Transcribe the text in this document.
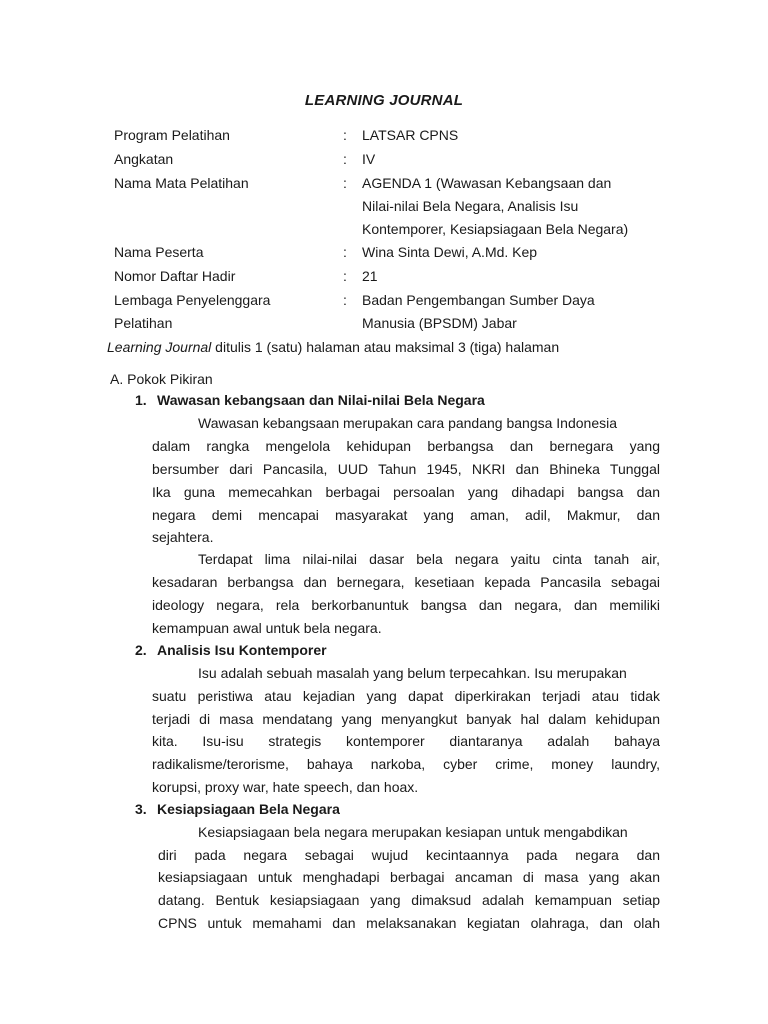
LEARNING JOURNAL
Program Pelatihan	: LATSAR CPNS
Angkatan	: IV
Nama Mata Pelatihan	: AGENDA 1 (Wawasan Kebangsaan dan
Nilai-nilai Bela Negara, Analisis Isu
Kontemporer, Kesiapsiagaan Bela Negara)
Nama Peserta	: Wina Sinta Dewi, A.Md. Kep
Nomor Daftar Hadir	: 21
Lembaga Penyelenggara	: Badan Pengembangan Sumber Daya
Pelatihan	Manusia (BPSDM) Jabar
Learning Journal ditulis 1 (satu) halaman atau maksimal 3 (tiga) halaman
A. Pokok Pikiran
1. Wawasan kebangsaan dan Nilai-nilai Bela Negara
Wawasan kebangsaan merupakan cara pandang bangsa Indonesia
dalam rangka mengelola kehidupan berbangsa dan bernegara yang
bersumber dari Pancasila, UUD Tahun 1945, NKRI dan Bhineka Tunggal
Ika guna memecahkan berbagai persoalan yang dihadapi bangsa dan
negara demi mencapai masyarakat yang aman, adil, Makmur, dan
sejahtera.
Terdapat lima nilai-nilai dasar bela negara yaitu cinta tanah air,
kesadaran berbangsa dan bernegara, kesetiaan kepada Pancasila sebagai
ideology negara, rela berkorbanuntuk bangsa dan negara, dan memiliki
kemampuan awal untuk bela negara.
2. Analisis Isu Kontemporer
Isu adalah sebuah masalah yang belum terpecahkan. Isu merupakan
suatu peristiwa atau kejadian yang dapat diperkirakan terjadi atau tidak
terjadi di masa mendatang yang menyangkut banyak hal dalam kehidupan
kita. Isu-isu strategis kontemporer diantaranya adalah bahaya
radikalisme/terorisme, bahaya narkoba, cyber crime, money laundry,
korupsi, proxy war, hate speech, dan hoax.
3. Kesiapsiagaan Bela Negara
Kesiapsiagaan bela negara merupakan kesiapan untuk mengabdikan
diri pada negara sebagai wujud kecintaannya pada negara dan
kesiapsiagaan untuk menghadapi berbagai ancaman di masa yang akan
datang. Bentuk kesiapsiagaan yang dimaksud adalah kemampuan setiap
CPNS untuk memahami dan melaksanakan kegiatan olahraga, dan olah
